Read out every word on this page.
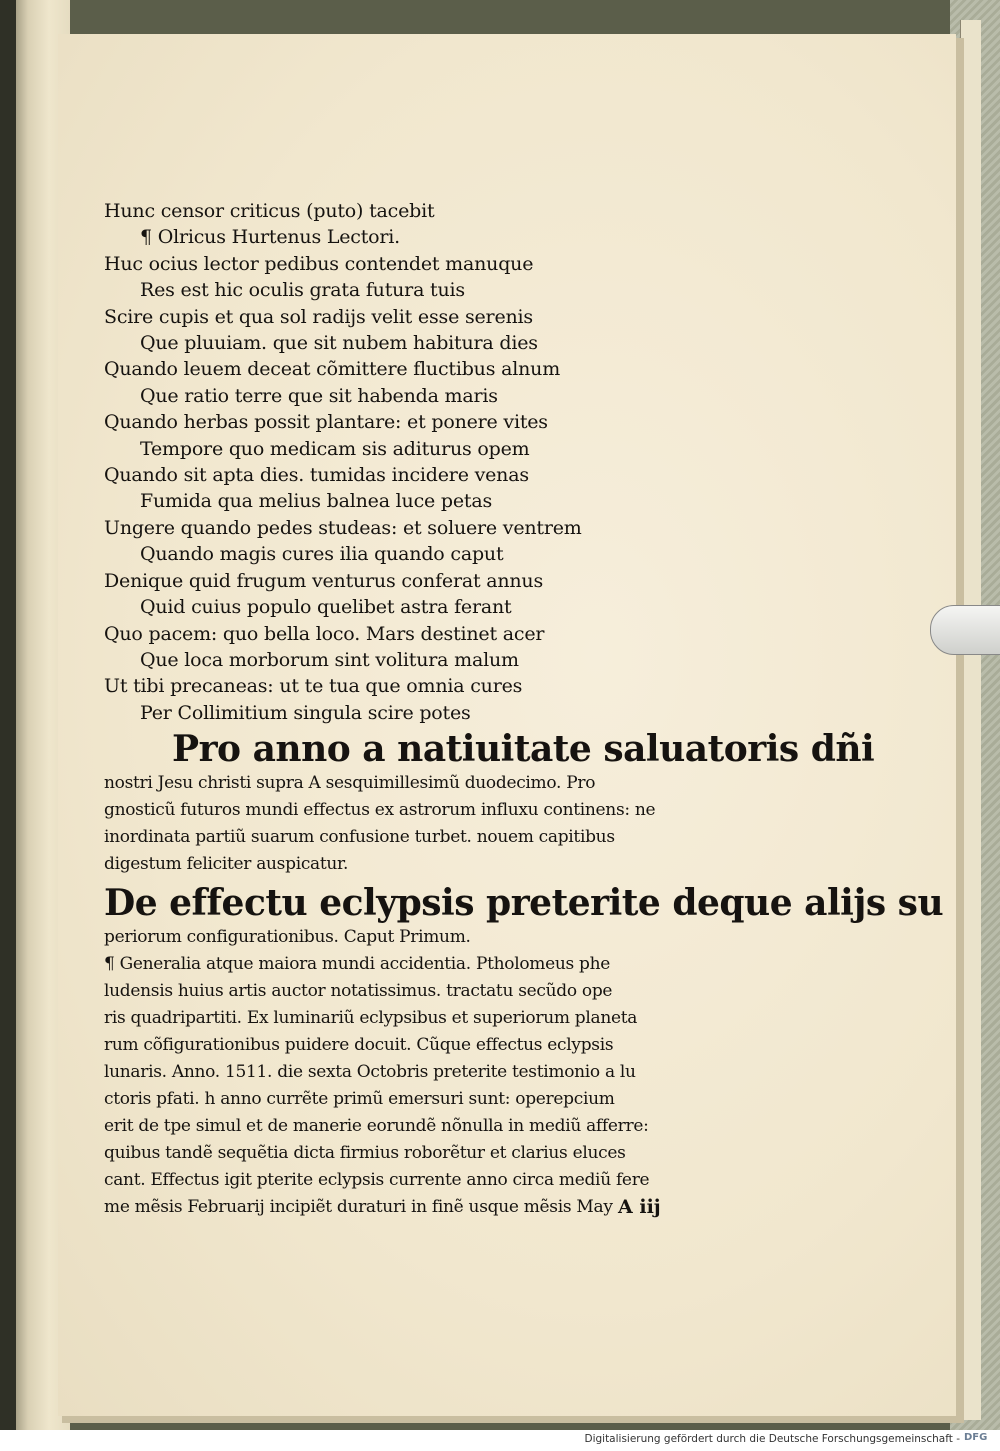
Hunc censor criticus (puto) tacebit
¶ Olricus Hurtenus Lectori.
Huc ocius lector pedibus contendet manuque
Res est hic oculis grata futura tuis
Scire cupis et qua sol radijs velit esse serenis
Que pluuiam. que sit nubem habitura dies
Quando leuem deceat cõmittere fluctibus alnum
Que ratio terre que sit habenda maris
Quando herbas possit plantare: et ponere vites
Tempore quo medicam sis aditurus opem
Quando sit apta dies. tumidas incidere venas
Fumida qua melius balnea luce petas
Ungere quando pedes studeas: et soluere ventrem
Quando magis cures ilia quando caput
Denique quid frugum venturus conferat annus
Quid cuius populo quelibet astra ferant
Quo pacem: quo bella loco. Mars destinet acer
Que loca morborum sint volitura malum
Ut tibi precaneas: ut te tua que omnia cures
Per Collimitium singula scire potes
Pro anno a natiuitate saluatoris dñi
nostri Jesu christi supra A sesquimillesimũ duodecimo. Pro
gnosticũ futuros mundi effectus ex astrorum influxu continens: ne
inordinata partiũ suarum confusione turbet. nouem capitibus
digestum feliciter auspicatur.
De effectu eclypsis preterite deque alijs su
periorum configurationibus. Caput Primum.
¶ Generalia atque maiora mundi accidentia. Ptholomeus phe
ludensis huius artis auctor notatissimus. tractatu secũdo ope
ris quadripartiti. Ex luminariũ eclypsibus et superiorum planeta
rum cõfigurationibus puidere docuit. Cũque effectus eclypsis
lunaris. Anno. 1511. die sexta Octobris preterite testimonio a lu
ctoris pfati. h anno currẽte primũ emersuri sunt: operepcium
erit de tpe simul et de manerie eorundẽ nõnulla in mediũ afferre:
quibus tandẽ sequẽtia dicta firmius roborẽtur et clarius eluces
cant. Effectus igit pterite eclypsis currente anno circa mediũ fere
me mẽsis Februarij incipiẽt duraturi in finẽ usque mẽsis May A iij
Digitalisierung gefördert durch die Deutsche Forschungsgemeinschaft - DFG
